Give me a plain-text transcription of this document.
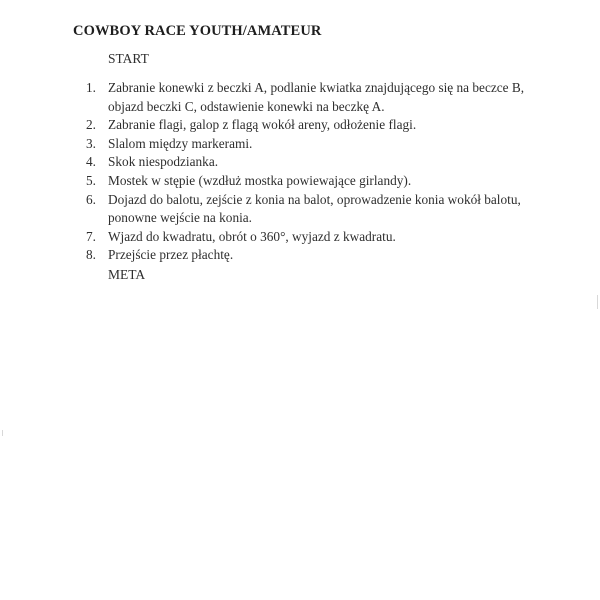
COWBOY RACE YOUTH/AMATEUR
START
1. Zabranie konewki z beczki A, podlanie kwiatka znajdującego się na beczce B, objazd beczki C, odstawienie konewki na beczkę A.
2. Zabranie flagi, galop z flagą wokół areny, odłożenie flagi.
3. Slalom między markerami.
4. Skok niespodzianka.
5. Mostek w stępie (wzdłuż mostka powiewające girlandy).
6. Dojazd do balotu, zejście z konia na balot, oprowadzenie konia wokół balotu, ponowne wejście na konia.
7. Wjazd do kwadratu, obrót o 360°, wyjazd z kwadratu.
8. Przejście przez płachtę.
META
